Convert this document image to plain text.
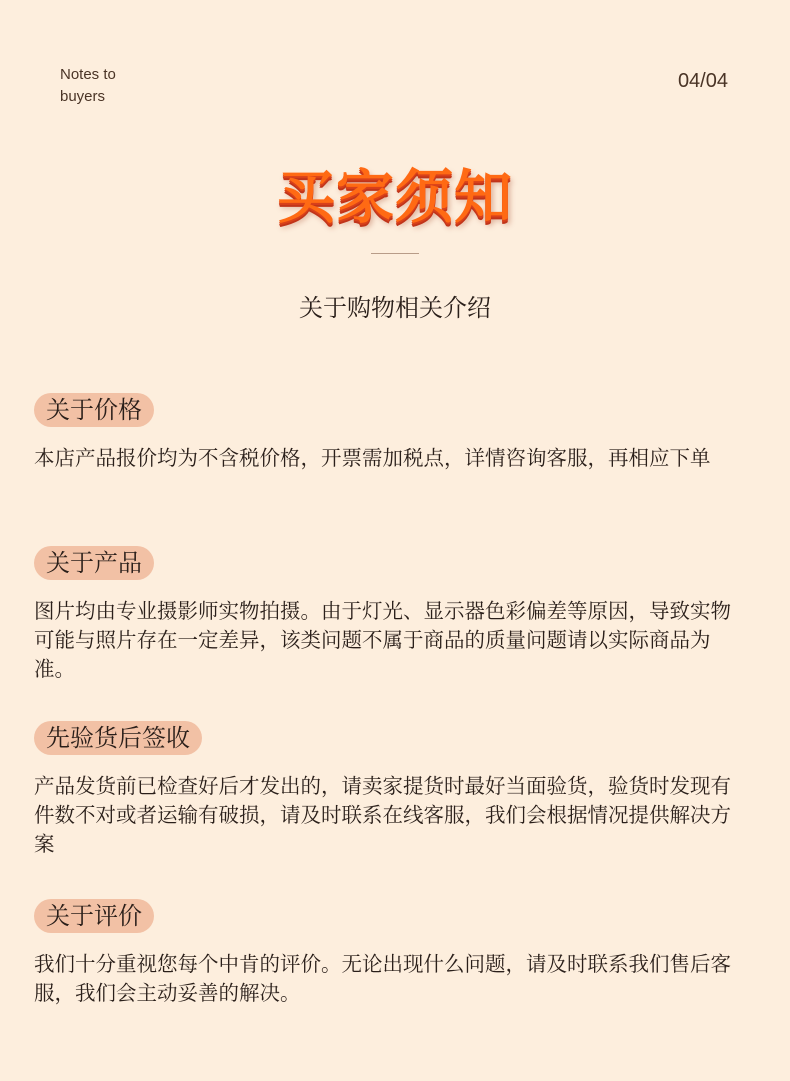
Notes to buyers
04/04
买家须知
关于购物相关介绍
关于价格
本店产品报价均为不含税价格，开票需加税点，详情咨询客服，再相应下单
关于产品
图片均由专业摄影师实物拍摄。由于灯光、显示器色彩偏差等原因，导致实物可能与照片存在一定差异，该类问题不属于商品的质量问题请以实际商品为准。
先验货后签收
产品发货前已检查好后才发出的，请卖家提货时最好当面验货，验货时发现有件数不对或者运输有破损，请及时联系在线客服，我们会根据情况提供解决方案
关于评价
我们十分重视您每个中肯的评价。无论出现什么问题，请及时联系我们售后客服，我们会主动妥善的解决。
